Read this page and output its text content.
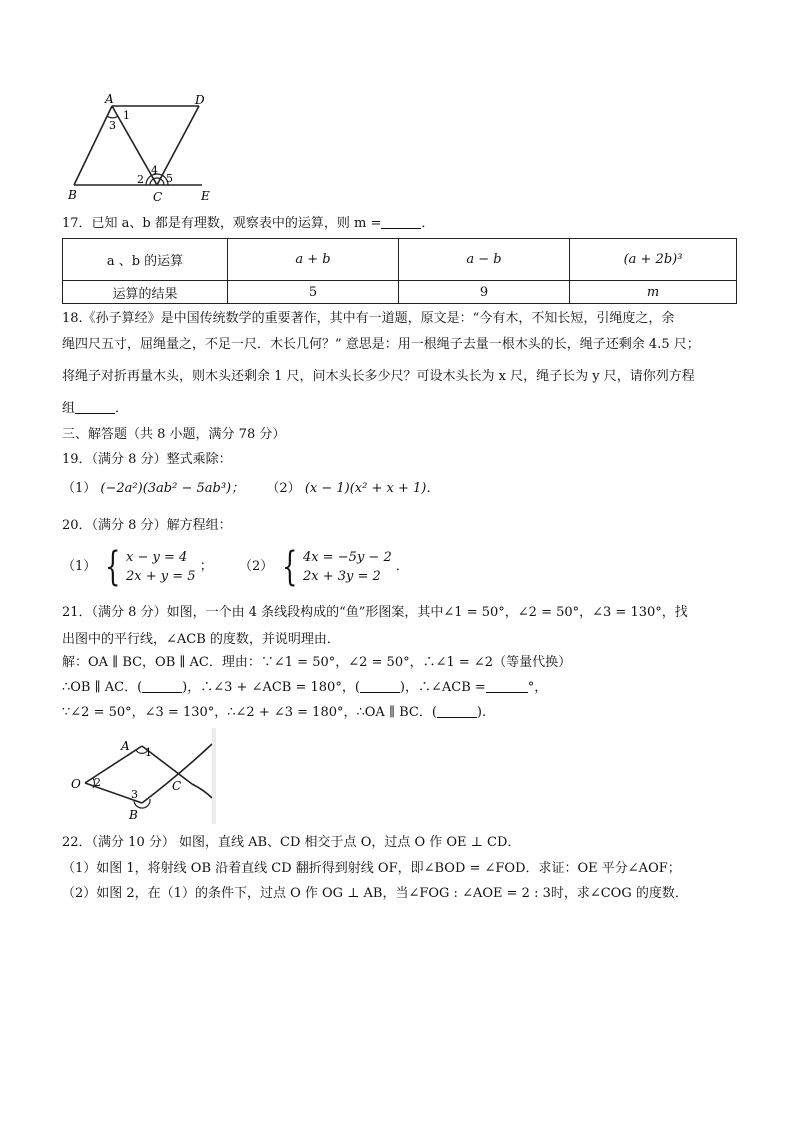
A	D
B	C	E
1
3
2
4
5
17．已知 a、b 都是有理数，观察表中的运算，则 m =	．
a 、b 的运算	a + b	a − b	(a + 2b)³
运算的结果	5	9	m
18.《孙子算经》是中国传统数学的重要著作，其中有一道题，原文是：“今有木，不知长短，引绳度之，余
绳四尺五寸，屈绳量之，不足一尺．木长几何？” 意思是：用一根绳子去量一根木头的长，绳子还剩余 4.5 尺；
将绳子对折再量木头，则木头还剩余 1 尺，问木头长多少尺？可设木头长为 x 尺，绳子长为 y 尺，请你列方程
组	．
三、解答题（共 8 小题，满分 78 分）
19．（满分 8 分）整式乘除：
（1） (−2a²)(3ab² − 5ab³)； （2） (x − 1)(x² + x + 1)．
20．（满分 8 分）解方程组：
（1） { x − y = 4
2x + y = 5
； （2） { 4x = −5y − 2
2x + 3y = 2
．
21．（满分 8 分）如图，一个由 4 条线段构成的“鱼”形图案，其中∠1 = 50°，∠2 = 50°，∠3 = 130°，找
出图中的平行线，∠ACB 的度数，并说明理由．
解：OA ∥ BC，OB ∥ AC．理由：∵∠1 = 50°，∠2 = 50°，∴∠1 = ∠2（等量代换）
∴OB ∥ AC．(	)，∴∠3 + ∠ACB = 180°，(	)，∴∠ACB =	°，
∵∠2 = 50°，∠3 = 130°，∴∠2 + ∠3 = 180°，∴OA ∥ BC．(	).
A 1
O 2	C
3
B
22．（满分 10 分） 如图，直线 AB、CD 相交于点 O，过点 O 作 OE ⊥ CD．
（1）如图 1，将射线 OB 沿着直线 CD 翻折得到射线 OF，即∠BOD = ∠FOD．求证：OE 平分∠AOF；
（2）如图 2，在（1）的条件下，过点 O 作 OG ⊥ AB，当∠FOG : ∠AOE = 2 : 3时，求∠COG 的度数．
